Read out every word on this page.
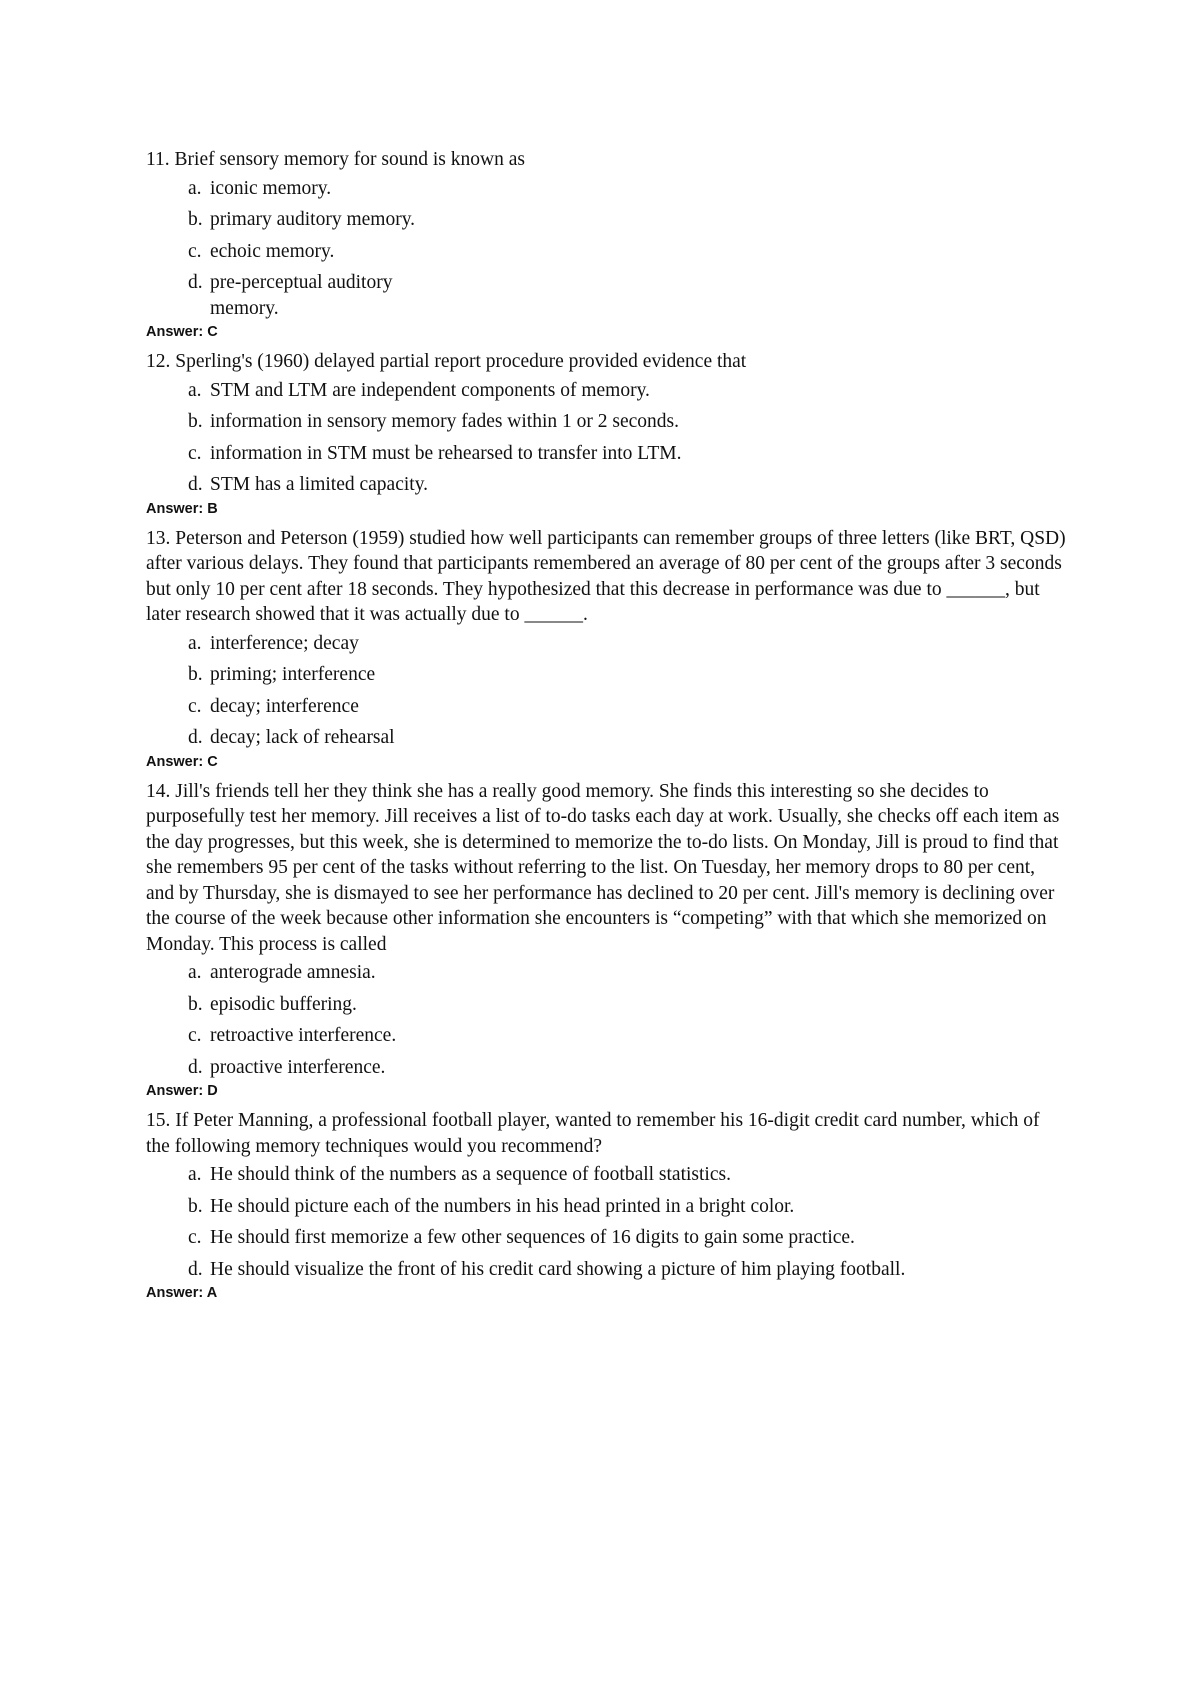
11. Brief sensory memory for sound is known as

a. iconic memory.
b. primary auditory memory.
c. echoic memory.
d. pre-perceptual auditory memory.
Answer: C

12. Sperling's (1960) delayed partial report procedure provided evidence that

a. STM and LTM are independent components of memory.
b. information in sensory memory fades within 1 or 2 seconds.
c. information in STM must be rehearsed to transfer into LTM.
d. STM has a limited capacity.
Answer: B

13. Peterson and Peterson (1959) studied how well participants can remember groups of three letters (like BRT, QSD) after various delays. They found that participants remembered an average of 80 per cent of the groups after 3 seconds but only 10 per cent after 18 seconds. They hypothesized that this decrease in performance was due to ______, but later research showed that it was actually due to ______.

a. interference; decay
b. priming; interference
c. decay; interference
d. decay; lack of rehearsal
Answer: C

14. Jill's friends tell her they think she has a really good memory. She finds this interesting so she decides to purposefully test her memory. Jill receives a list of to-do tasks each day at work. Usually, she checks off each item as the day progresses, but this week, she is determined to memorize the to-do lists. On Monday, Jill is proud to find that she remembers 95 per cent of the tasks without referring to the list. On Tuesday, her memory drops to 80 per cent, and by Thursday, she is dismayed to see her performance has declined to 20 per cent. Jill's memory is declining over the course of the week because other information she encounters is “competing” with that which she memorized on Monday. This process is called

a. anterograde amnesia.
b. episodic buffering.
c. retroactive interference.
d. proactive interference.
Answer: D

15. If Peter Manning, a professional football player, wanted to remember his 16-digit credit card number, which of the following memory techniques would you recommend?

a. He should think of the numbers as a sequence of football statistics.
b. He should picture each of the numbers in his head printed in a bright color.
c. He should first memorize a few other sequences of 16 digits to gain some practice.
d. He should visualize the front of his credit card showing a picture of him playing football.
Answer: A
